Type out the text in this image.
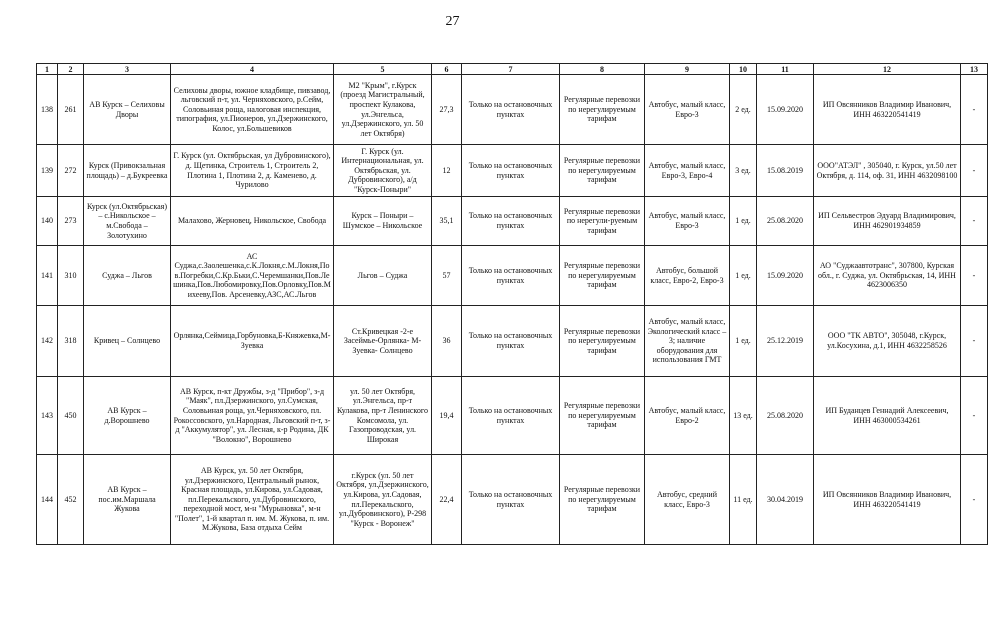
27
1	2	3	4	5	6	7	8	9	10	11	12	13
138	261	АВ Курск – Селиховы Дворы	Селиховы дворы, южное кладбище, пивзавод, льговский п-т, ул. Черняховского, р.Сейм, Соловьиная роща, налоговая инспекция, типография, ул.Пионеров, ул.Дзержинского, Колос, ул.Большевиков	М2 "Крым", г.Курск (проезд Магистральный, проспект Кулакова, ул.Энгельса, ул.Дзержинского, ул. 50 лет Октября)	27,3	Только на остановочных пунктах	Регулярные перевозки по нерегулируемым тарифам	Автобус, малый класс, Евро-3	2 ед.	15.09.2020	ИП Овсянников Владимир Иванович, ИНН 463220541419	-
139	272	Курск (Привокзальная площадь) – д.Букреевка	Г. Курск (ул. Октябрьская, ул Дубровинского), д. Щетинка, Строитель 1, Строитель 2, Плотина 1, Плотина 2, д. Каменево, д. Чурилово	Г. Курск (ул. Интернациональная, ул. Октябрьская, ул. Дубровинского), а/д "Курск-Поныри"	12	Только на остановочных пунктах	Регулярные перевозки по нерегулируемым тарифам	Автобус, малый класс, Евро-3, Евро-4	3 ед.	15.08.2019	ООО"АТЭЛ" , 305040, г. Курск, ул.50 лет Октября, д. 114, оф. 31, ИНН 4632098100	-
140	273	Курск (ул.Октябрьская) – с.Никольское – м.Свобода – Золотухино	Малахово, Жерновец, Никольское, Свобода	Курск – Поныри – Шумское – Никольское	35,1	Только на остановочных пунктах	Регулярные перевозки по нерегули-руемым тарифам	Автобус, малый класс, Евро-3	1 ед.	25.08.2020	ИП Сельвестров Эдуард Владимирович, ИНН 462901934859	-
141	310	Суджа – Льгов	АС Суджа,с.Заолешенка,с.К.Локня,с.М.Локня,Пов.Погребки,С.Кр.Бьки,С.Черемшанки,Пов.Лешинка,Пов.Любомировку,Пов.Орловку,Пов.Михееву,Пов. Арсеневку,АЗС,АС.Льгов	Льгов – Суджа	57	Только на остановочных пунктах	Регулярные перевозки по нерегулируемым тарифам	Автобус, большой класс, Евро-2, Евро-3	1 ед.	15.09.2020	АО "Суджаавтотранс", 307800, Курская обл., г. Суджа, ул. Октябрьская, 14, ИНН 4623006350	-
142	318	Кривец – Солнцево	Орлянка,Сеймица,Горбуновка,Б-Княжевка,М-Зуевка	Ст.Кривецкая -2-е Засеймье-Орлянка- М-Зуевка- Солнцево	36	Только на остановочных пунктах	Регулярные перевозки по нерегулируемым тарифам	Автобус, малый класс, Экологический класс – 3; наличие оборудования для использования ГМТ	1 ед.	25.12.2019	ООО "ТК АВТО", 305048, г.Курск, ул.Косухина, д.1, ИНН 4632258526	-
143	450	АВ Курск – д.Ворошнево	АВ Курск, п-кт Дружбы, з-д "Прибор", з-д "Маяк", пл.Дзержинского, ул.Сумская, Соловьиная роща, ул.Черняховского, пл. Рокоссовского, ул.Народная, Льговский п-т, з-д "Аккумулятор", ул. Лесная, к-р Родина, ДК "Волокно", Ворошнево	ул. 50 лет Октября, ул.Энгельса, пр-т Кулакова, пр-т Ленинского Комсомола, ул. Газопроводская, ул. Широкая	19,4	Только на остановочных пунктах	Регулярные перевозки по нерегулируемым тарифам	Автобус, малый класс, Евро-2	13 ед.	25.08.2020	ИП Буданцев Геннадий Алексеевич, ИНН 463000534261	-
144	452	АВ Курск – пос.им.Маршала Жукова	АВ Курск, ул. 50 лет Октября, ул.Дзержинского, Центральный рынок, Красная площадь, ул.Кирова, ул.Садовая, пл.Перекальского, ул.Дубровинского, переходной мост, м-н "Мурыновка", м-н "Полет", 1-й квартал п. им. М. Жукова, п. им. М.Жукова, База отдыха Сейм	г.Курск (ул. 50 лет Октября, ул.Дзержинского, ул.Кирова, ул.Садовая, пл.Перекальского, ул.Дубровинского), Р-298 "Курск - Воронеж"	22,4	Только на остановочных пунктах	Регулярные перевозки по нерегулируемым тарифам	Автобус, средний класс, Евро-3	11 ед.	30.04.2019	ИП Овсянников Владимир Иванович, ИНН 463220541419	-
